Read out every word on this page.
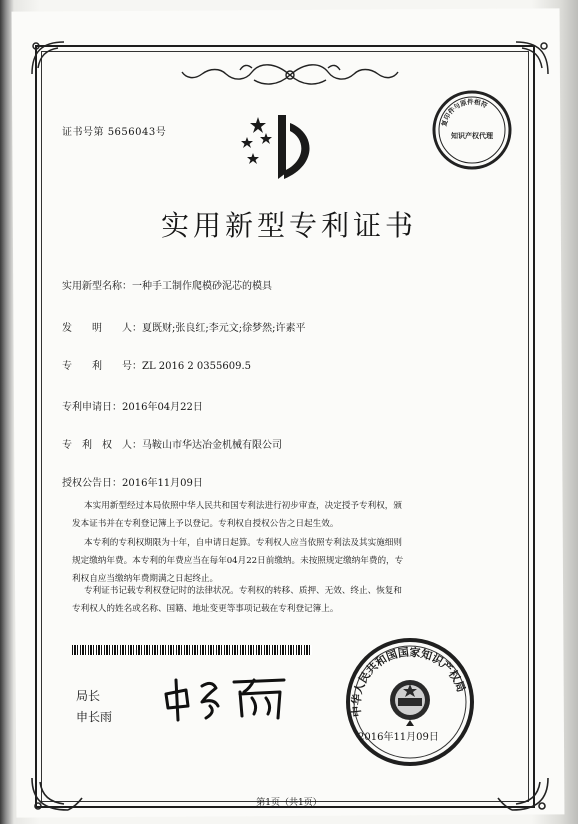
证书号第 5656043号
复印件与原件相符
知识产权代理
实用新型专利证书
实用新型名称：一种手工制作爬模砂泥芯的模具
发　　明　　人：夏既财;张良红;李元文;徐梦然;许素平
专　　利　　号：ZL 2016 2 0355609.5
专利申请日：2016年04月22日
专　利　权　人：马鞍山市华达冶金机械有限公司
授权公告日：2016年11月09日
本实用新型经过本局依照中华人民共和国专利法进行初步审查，决定授予专利权，颁
发本证书并在专利登记簿上予以登记。专利权自授权公告之日起生效。
本专利的专利权期限为十年，自申请日起算。专利权人应当依照专利法及其实施细则
规定缴纳年费。本专利的年费应当在每年04月22日前缴纳。未按照规定缴纳年费的，专
利权自应当缴纳年费期满之日起终止。
专利证书记载专利权登记时的法律状况。专利权的转移、质押、无效、终止、恢复和
专利权人的姓名或名称、国籍、地址变更等事项记载在专利登记簿上。
局长
申长雨	中华人民共和国国家知识产权局
2016年11月09日
第1页（共1页）
